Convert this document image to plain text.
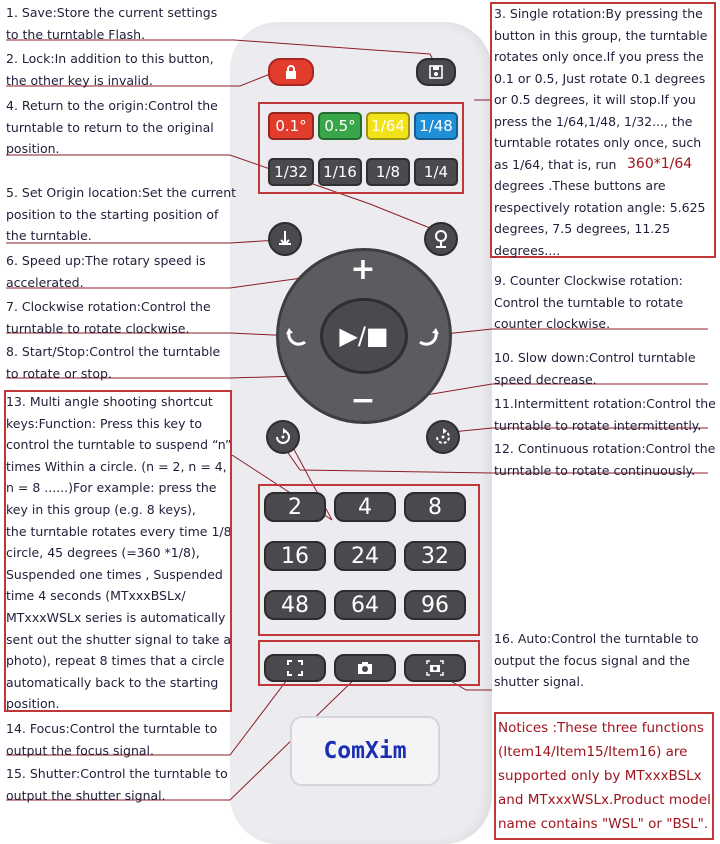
0.1°	0.5°	1/64 1/48
1/32	1/16	1/8	1/4
+
−
▶/■
2	4	8
16	24	32
48	64	96
ComXim
1. Save:Store the current settings
to the turntable Flash.
2. Lock:In addition to this button,
the other key is invalid.
4. Return to the origin:Control the
turntable to return to the original
position.
5. Set Origin location:Set the current
position to the starting position of
the turntable.
6. Speed up:The rotary speed is
accelerated.
7. Clockwise rotation:Control the
turntable to rotate clockwise.
8. Start/Stop:Control the turntable
to rotate or stop.
13. Multi angle shooting shortcut
keys:Function: Press this key to
control the turntable to suspend “n”
times Within a circle. (n = 2, n = 4,
n = 8 ......)For example: press the
key in this group (e.g. 8 keys),
the turntable rotates every time 1/8
circle, 45 degrees (=360 *1/8),
Suspended one times , Suspended
time 4 seconds (MTxxxBSLx/
MTxxxWSLx series is automatically
sent out the shutter signal to take a
photo), repeat 8 times that a circle
automatically back to the starting
position.
14. Focus:Control the turntable to
output the focus signal.
15. Shutter:Control the turntable to
output the shutter signal.
3. Single rotation:By pressing the
button in this group, the turntable
rotates only once.If you press the
0.1 or 0.5, Just rotate 0.1 degrees
or 0.5 degrees, it will stop.If you
press the 1/64,1/48, 1/32..., the
turntable rotates only once, such
as 1/64, that is, run
degrees .These buttons are
respectively rotation angle: 5.625
degrees, 7.5 degrees, 11.25
degrees....
360*1/64
9. Counter Clockwise rotation:
Control the turntable to rotate
counter clockwise.
10. Slow down:Control turntable
speed decrease.
11.Intermittent rotation:Control the
turntable to rotate intermittently.
12. Continuous rotation:Control the
turntable to rotate continuously.
16. Auto:Control the turntable to
output the focus signal and the
shutter signal.
Notices :These three functions
(Item14/Item15/Item16) are
supported only by MTxxxBSLx
and MTxxxWSLx.Product model
name contains "WSL" or "BSL".
